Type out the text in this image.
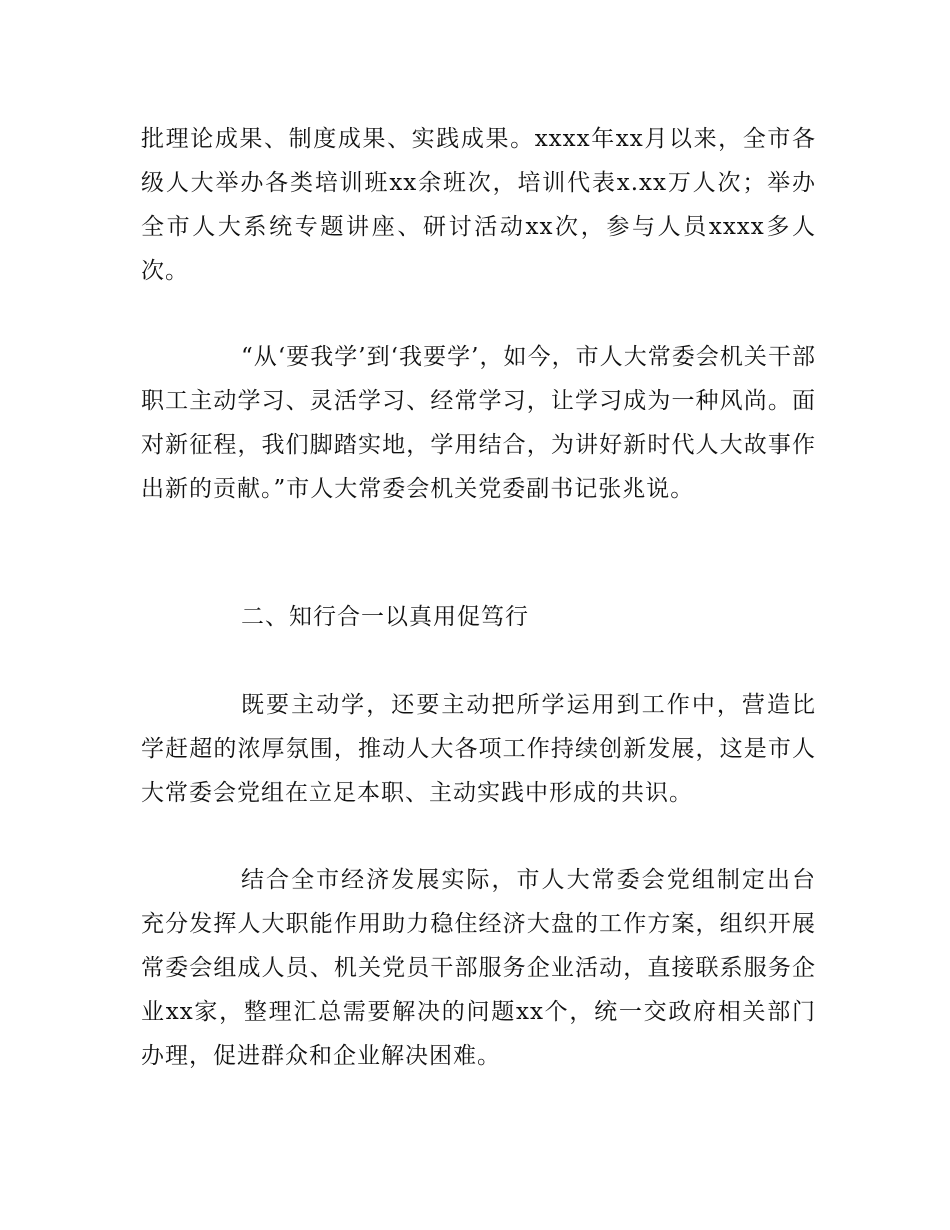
批理论成果、制度成果、实践成果。xxxx年xx月以来，全市各级人大举办各类培训班xx余班次，培训代表x.xx万人次；举办全市人大系统专题讲座、研讨活动xx次，参与人员xxxx多人次。

“从‘要我学’到‘我要学’，如今，市人大常委会机关干部职工主动学习、灵活学习、经常学习，让学习成为一种风尚。面对新征程，我们脚踏实地，学用结合，为讲好新时代人大故事作出新的贡献。”市人大常委会机关党委副书记张兆说。

二、知行合一以真用促笃行

既要主动学，还要主动把所学运用到工作中，营造比学赶超的浓厚氛围，推动人大各项工作持续创新发展，这是市人大常委会党组在立足本职、主动实践中形成的共识。

结合全市经济发展实际，市人大常委会党组制定出台充分发挥人大职能作用助力稳住经济大盘的工作方案，组织开展常委会组成人员、机关党员干部服务企业活动，直接联系服务企业xx家，整理汇总需要解决的问题xx个，统一交政府相关部门办理，促进群众和企业解决困难。
